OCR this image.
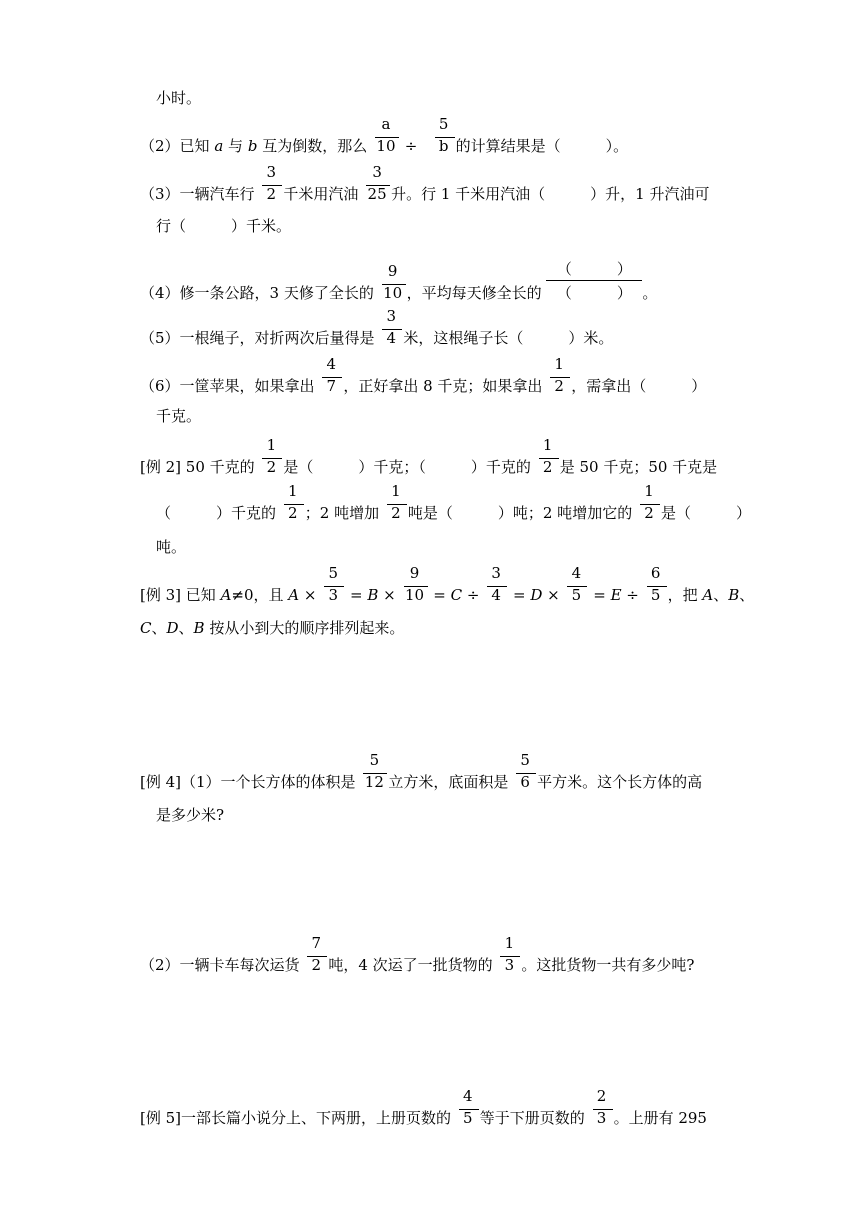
小时。
（2）已知 a 与 b 互为倒数，那么 $\frac{a}{10} \div \frac{5}{b}$ 的计算结果是（　　　）。
（3）一辆汽车行 $\frac{3}{2}$ 千米用汽油 $\frac{3}{25}$ 升。行 1 千米用汽油（　　　）升，1 升汽油可
行（　　　）千米。
（4）修一条公路，3 天修了全长的 $\frac{9}{10}$ ，平均每天修全长的 $\frac{( )}{( )}$ 。
（5）一根绳子，对折两次后量得是 $\frac{3}{4}$ 米，这根绳子长（　　　）米。
（6）一筐苹果，如果拿出 $\frac{4}{7}$ ，正好拿出 8 千克；如果拿出 $\frac{1}{2}$ ，需拿出（　　　）
千克。
[例 2] 50 千克的 $\frac{1}{2}$ 是（　　　）千克；（　　　）千克的 $\frac{1}{2}$ 是 50 千克；50 千克是
（　　　）千克的 $\frac{1}{2}$ ；2 吨增加 $\frac{1}{2}$ 吨是（　　　）吨；2 吨增加它的 $\frac{1}{2}$ 是（　　　）
吨。
[例 3] 已知 A≠0，且 $A \times \frac{5}{3} = B \times \frac{9}{10} = C \div \frac{3}{4} = D \times \frac{4}{5} = E \div \frac{6}{5}$ ，把 A、B、
C、D、B 按从小到大的顺序排列起来。
[例 4]（1）一个长方体的体积是 $\frac{5}{12}$ 立方米，底面积是 $\frac{5}{6}$ 平方米。这个长方体的高
是多少米?
（2）一辆卡车每次运货 $\frac{7}{2}$ 吨，4 次运了一批货物的 $\frac{1}{3}$ 。这批货物一共有多少吨?
[例 5]一部长篇小说分上、下两册，上册页数的 $\frac{4}{5}$ 等于下册页数的 $\frac{2}{3}$ 。上册有 295
